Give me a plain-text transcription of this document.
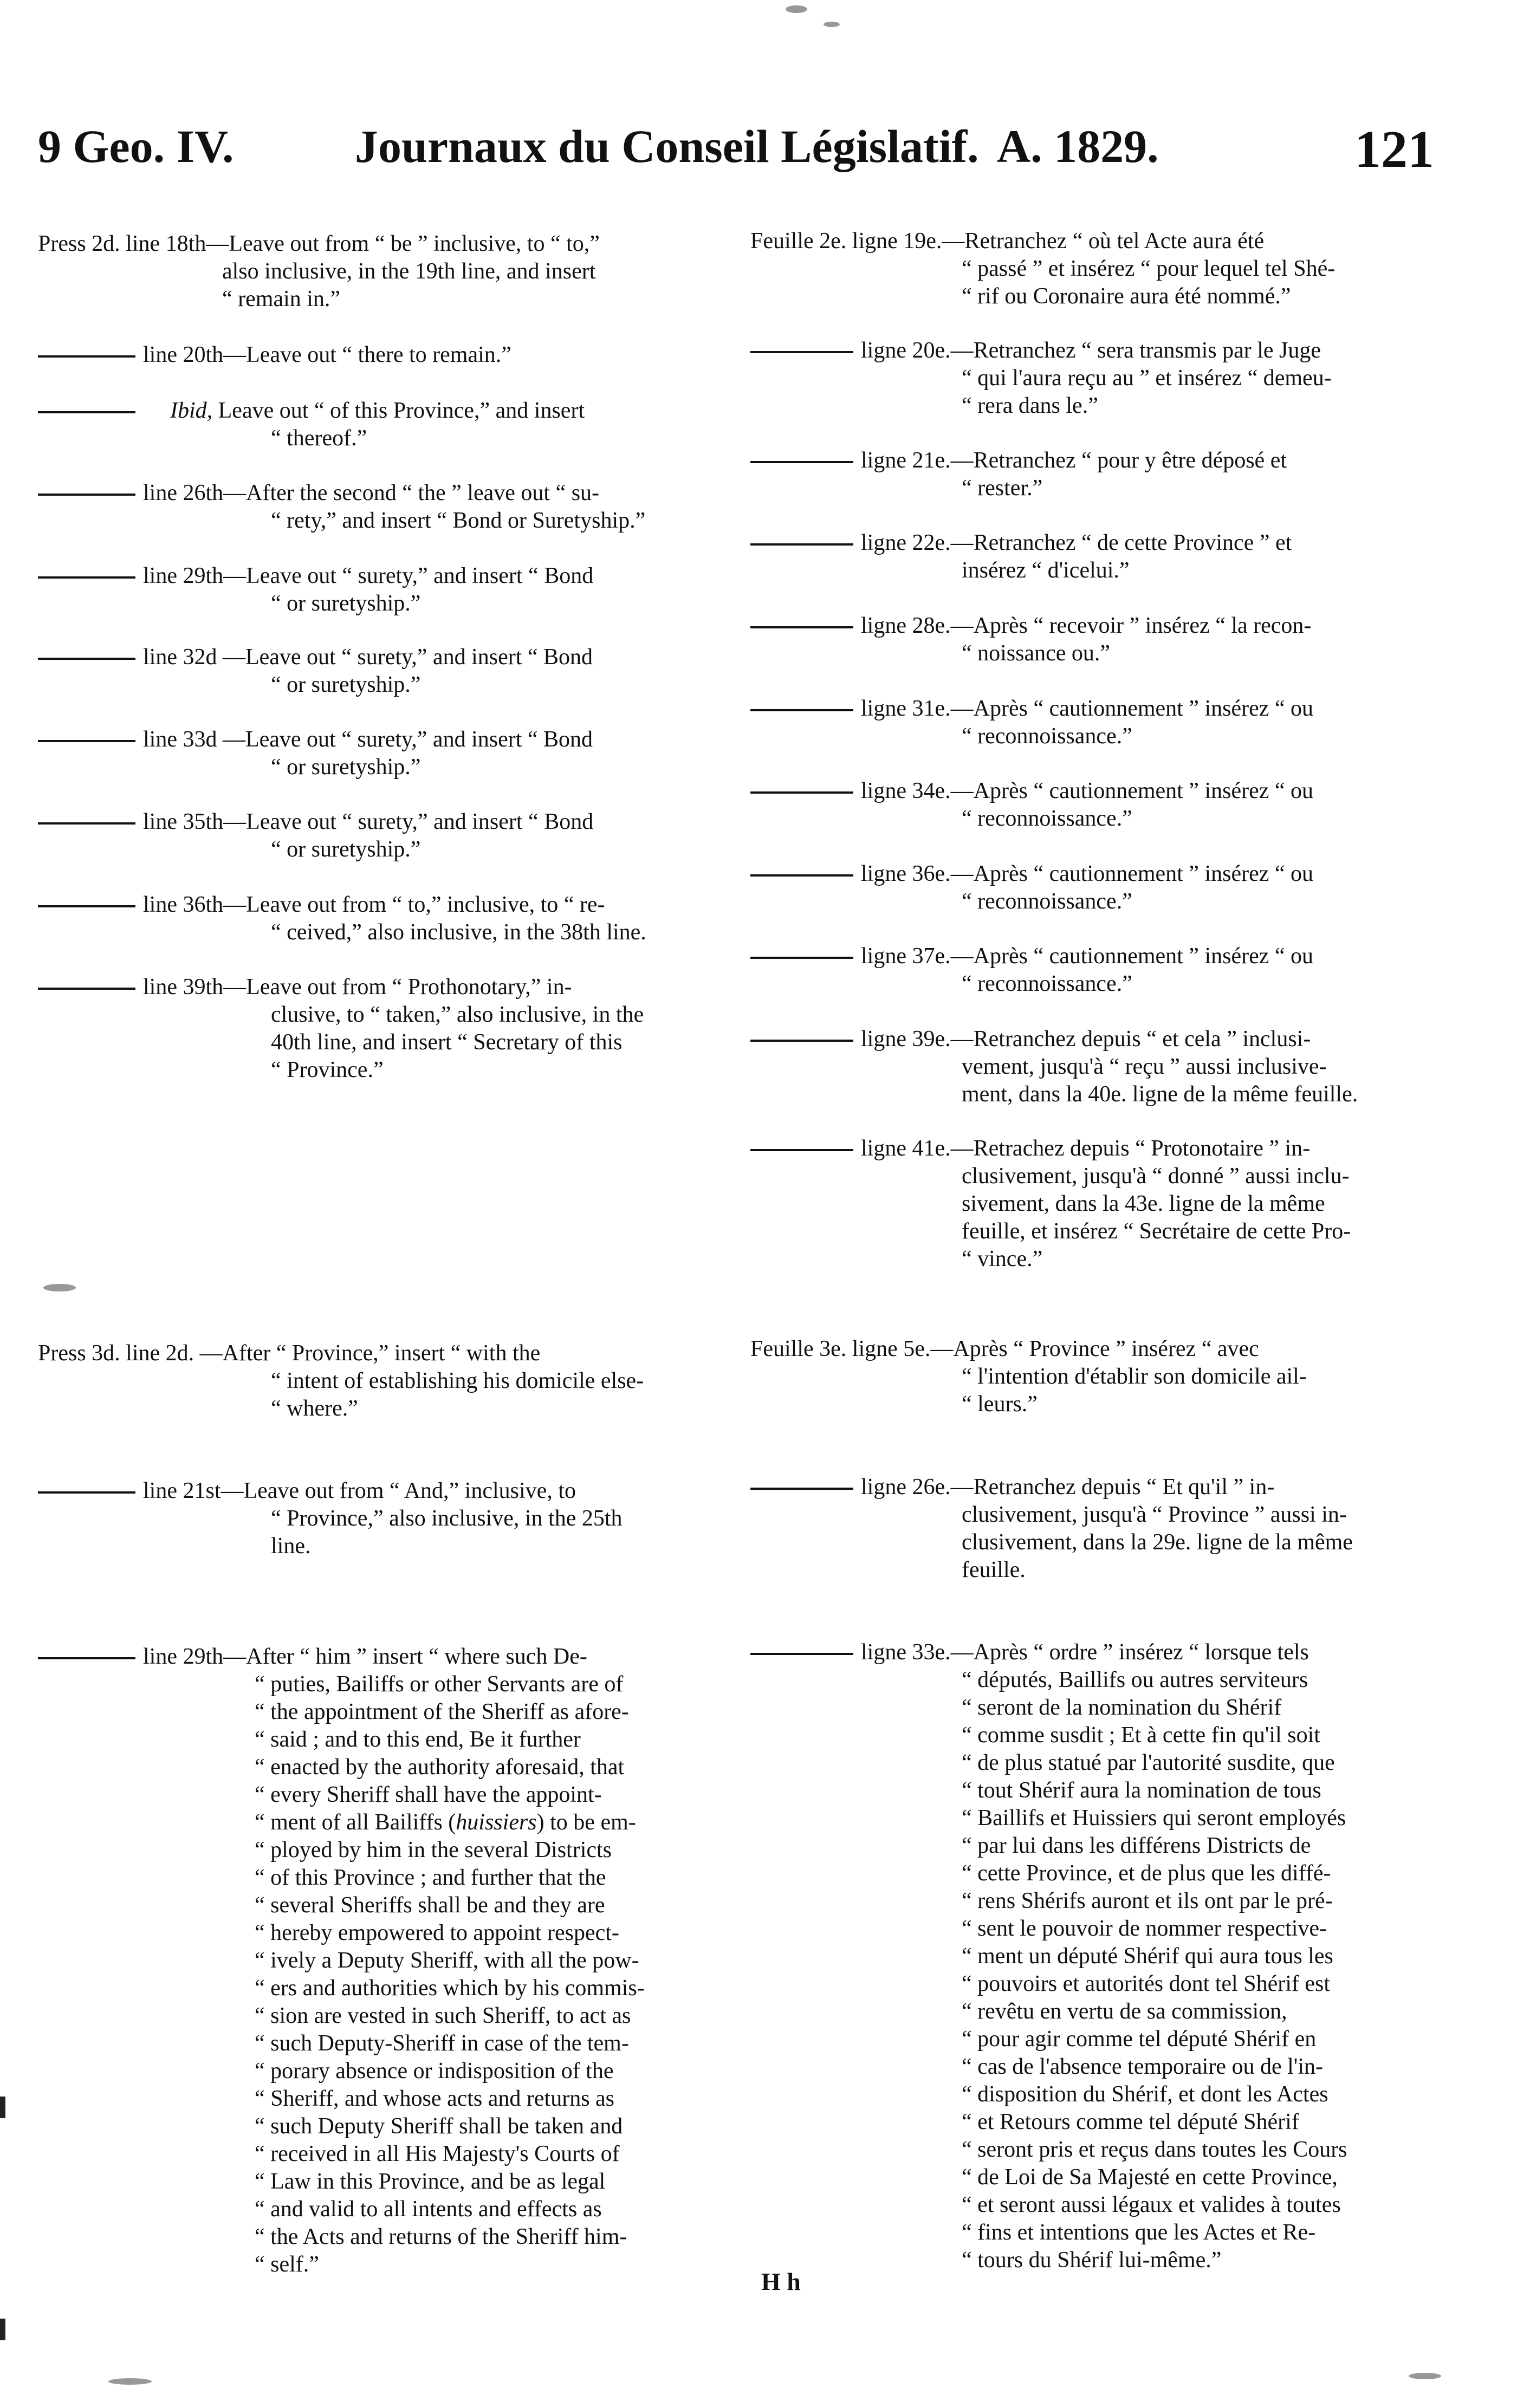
9 Geo. IV.	Journaux du Conseil Législatif. A. 1829.	121
Press 2d. line 18th—Leave out from “ be ” inclusive, to “ to,”
also inclusive, in the 19th line, and insert
“ remain in.”
line 20th—Leave out “ there to remain.”
Ibid, Leave out “ of this Province,” and insert
“ thereof.”
line 26th—After the second “ the ” leave out “ su-
“ rety,” and insert “ Bond or Suretyship.”
line 29th—Leave out “ surety,” and insert “ Bond
“ or suretyship.”
line 32d —Leave out “ surety,” and insert “ Bond
“ or suretyship.”
line 33d —Leave out “ surety,” and insert “ Bond
“ or suretyship.”
line 35th—Leave out “ surety,” and insert “ Bond
“ or suretyship.”
line 36th—Leave out from “ to,” inclusive, to “ re-
“ ceived,” also inclusive, in the 38th line.
line 39th—Leave out from “ Prothonotary,” in-
clusive, to “ taken,” also inclusive, in the
40th line, and insert “ Secretary of this
“ Province.”
Press 3d. line 2d. —After “ Province,” insert “ with the
“ intent of establishing his domicile else-
“ where.”
line 21st—Leave out from “ And,” inclusive, to
“ Province,” also inclusive, in the 25th
line.
line 29th—After “ him ” insert “ where such De-
“ puties, Bailiffs or other Servants are of
“ the appointment of the Sheriff as afore-
“ said ; and to this end, Be it further
“ enacted by the authority aforesaid, that
“ every Sheriff shall have the appoint-
“ ment of all Bailiffs (huissiers) to be em-
“ ployed by him in the several Districts
“ of this Province ; and further that the
“ several Sheriffs shall be and they are
“ hereby empowered to appoint respect-
“ ively a Deputy Sheriff, with all the pow-
“ ers and authorities which by his commis-
“ sion are vested in such Sheriff, to act as
“ such Deputy-Sheriff in case of the tem-
“ porary absence or indisposition of the
“ Sheriff, and whose acts and returns as
“ such Deputy Sheriff shall be taken and
“ received in all His Majesty's Courts of
“ Law in this Province, and be as legal
“ and valid to all intents and effects as
“ the Acts and returns of the Sheriff him-
“ self.”
Feuille 2e. ligne 19e.—Retranchez “ où tel Acte aura été
“ passé ” et insérez “ pour lequel tel Shé-
“ rif ou Coronaire aura été nommé.”
ligne 20e.—Retranchez “ sera transmis par le Juge
“ qui l'aura reçu au ” et insérez “ demeu-
“ rera dans le.”
ligne 21e.—Retranchez “ pour y être déposé et
“ rester.”
ligne 22e.—Retranchez “ de cette Province ” et
insérez “ d'icelui.”
ligne 28e.—Après “ recevoir ” insérez “ la recon-
“ noissance ou.”
ligne 31e.—Après “ cautionnement ” insérez “ ou
“ reconnoissance.”
ligne 34e.—Après “ cautionnement ” insérez “ ou
“ reconnoissance.”
ligne 36e.—Après “ cautionnement ” insérez “ ou
“ reconnoissance.”
ligne 37e.—Après “ cautionnement ” insérez “ ou
“ reconnoissance.”
ligne 39e.—Retranchez depuis “ et cela ” inclusi-
vement, jusqu'à “ reçu ” aussi inclusive-
ment, dans la 40e. ligne de la même feuille.
ligne 41e.—Retrachez depuis “ Protonotaire ” in-
clusivement, jusqu'à “ donné ” aussi inclu-
sivement, dans la 43e. ligne de la même
feuille, et insérez “ Secrétaire de cette Pro-
“ vince.”
Feuille 3e. ligne 5e.—Après “ Province ” insérez “ avec
“ l'intention d'établir son domicile ail-
“ leurs.”
ligne 26e.—Retranchez depuis “ Et qu'il ” in-
clusivement, jusqu'à “ Province ” aussi in-
clusivement, dans la 29e. ligne de la même
feuille.
ligne 33e.—Après “ ordre ” insérez “ lorsque tels
“ députés, Baillifs ou autres serviteurs
“ seront de la nomination du Shérif
“ comme susdit ; Et à cette fin qu'il soit
“ de plus statué par l'autorité susdite, que
“ tout Shérif aura la nomination de tous
“ Baillifs et Huissiers qui seront employés
“ par lui dans les différens Districts de
“ cette Province, et de plus que les diffé-
“ rens Shérifs auront et ils ont par le pré-
“ sent le pouvoir de nommer respective-
“ ment un député Shérif qui aura tous les
“ pouvoirs et autorités dont tel Shérif est
“ revêtu en vertu de sa commission,
“ pour agir comme tel député Shérif en
“ cas de l'absence temporaire ou de l'in-
“ disposition du Shérif, et dont les Actes
“ et Retours comme tel député Shérif
“ seront pris et reçus dans toutes les Cours
“ de Loi de Sa Majesté en cette Province,
“ et seront aussi légaux et valides à toutes
“ fins et intentions que les Actes et Re-
“ tours du Shérif lui-même.”
H h
